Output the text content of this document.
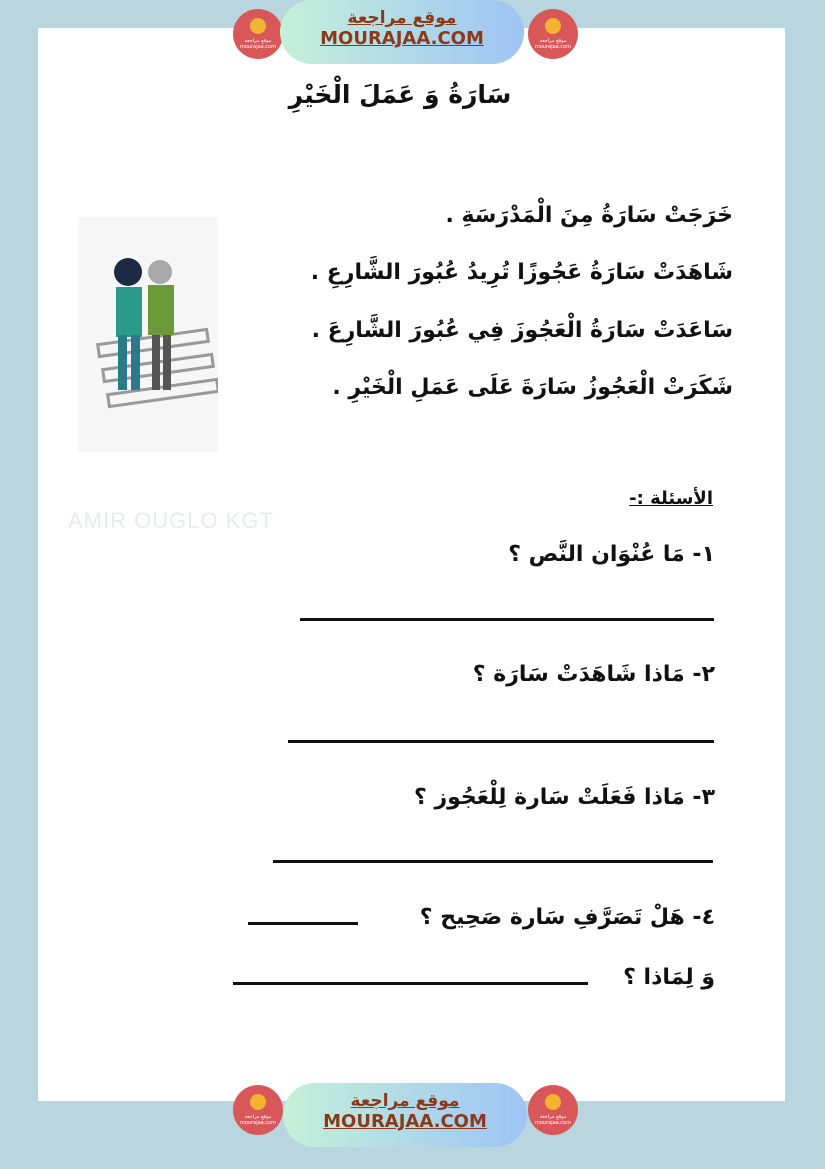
AMIR OUGLO KGT
موقع مراجعة mourajaa.com
موقع مراجعة
MOURAJAA.COM	موقع مراجعة mourajaa.com
سَارَةُ وَ عَمَلَ الْخَيْرِ
خَرَجَتْ سَارَةُ مِنَ الْمَدْرَسَةِ .
شَاهَدَتْ سَارَةُ عَجُوزًا تُرِيدُ عُبُورَ الشَّارِعِ .
سَاعَدَتْ سَارَةُ الْعَجُوزَ فِي عُبُورَ الشَّارِعَ .
شَكَرَتْ الْعَجُوزُ سَارَةَ عَلَى عَمَلِ الْخَيْرِ .
الأسئلة :-
١- مَا عُنْوَان النَّص ؟
٢- مَاذا شَاهَدَتْ سَارَة ؟
٣- مَاذا فَعَلَتْ سَارة لِلْعَجُوز ؟
٤- هَلْ تَصَرَّفِ سَارة صَحِيح ؟
وَ لِمَاذا ؟
موقع مراجعة mourajaa.com
موقع مراجعة
MOURAJAA.COM	موقع مراجعة mourajaa.com
